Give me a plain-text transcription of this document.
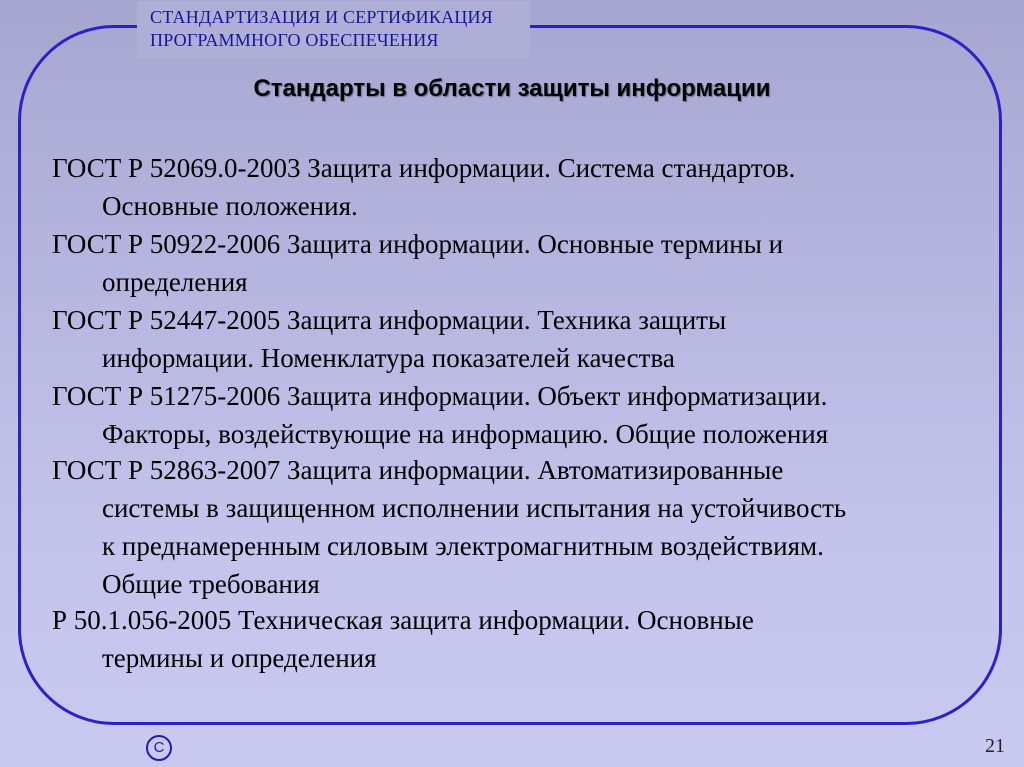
СТАНДАРТИЗАЦИЯ И СЕРТИФИКАЦИЯ
ПРОГРАММНОГО ОБЕСПЕЧЕНИЯ
Стандарты в области защиты информации
ГОСТ Р 52069.0-2003 Защита информации. Система стандартов.
Основные положения.
ГОСТ Р 50922-2006 Защита информации. Основные термины и
определения
ГОСТ Р 52447-2005 Защита информации. Техника защиты
информации. Номенклатура показателей качества
ГОСТ Р 51275-2006 Защита информации. Объект информатизации.
Факторы, воздействующие на информацию. Общие положения
ГОСТ Р 52863-2007 Защита информации. Автоматизированные
системы в защищенном исполнении испытания на устойчивость
к преднамеренным силовым электромагнитным воздействиям.
Общие требования
Р 50.1.056-2005 Техническая защита информации. Основные
термины и определения
C	21
